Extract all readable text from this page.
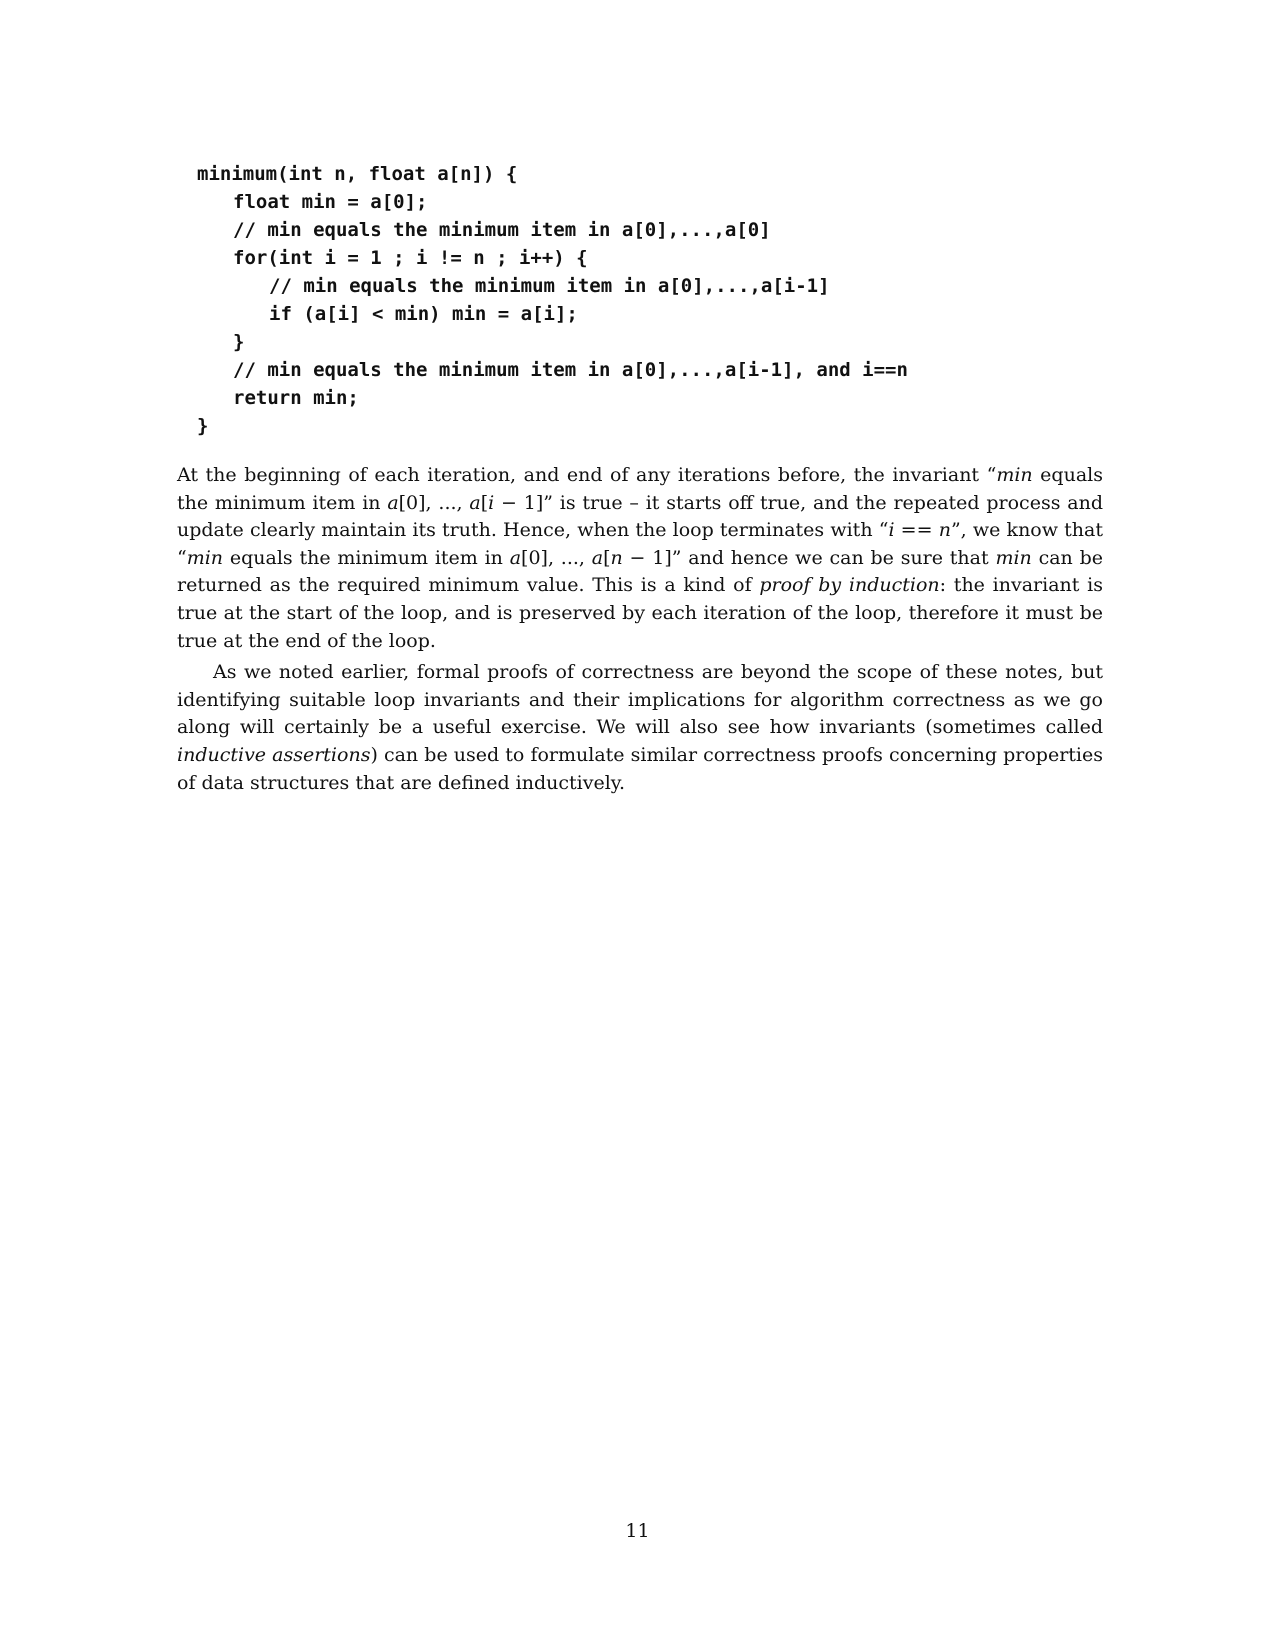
minimum(int n, float a[n]) {
float min = a[0];
// min equals the minimum item in a[0],...,a[0]
for(int i = 1 ; i != n ; i++) {
// min equals the minimum item in a[0],...,a[i-1]
if (a[i] < min) min = a[i];
}
// min equals the minimum item in a[0],...,a[i-1], and i==n
return min;
}

At the beginning of each iteration, and end of any iterations before, the invariant “min equals the minimum item in a[0], ..., a[i − 1]” is true – it starts off true, and the repeated process and update clearly maintain its truth. Hence, when the loop terminates with “i == n”, we know that “min equals the minimum item in a[0], ..., a[n − 1]” and hence we can be sure that min can be returned as the required minimum value. This is a kind of proof by induction: the invariant is true at the start of the loop, and is preserved by each iteration of the loop, therefore it must be true at the end of the loop.

As we noted earlier, formal proofs of correctness are beyond the scope of these notes, but identifying suitable loop invariants and their implications for algorithm correctness as we go along will certainly be a useful exercise. We will also see how invariants (sometimes called inductive assertions) can be used to formulate similar correctness proofs concerning properties of data structures that are defined inductively.

11
